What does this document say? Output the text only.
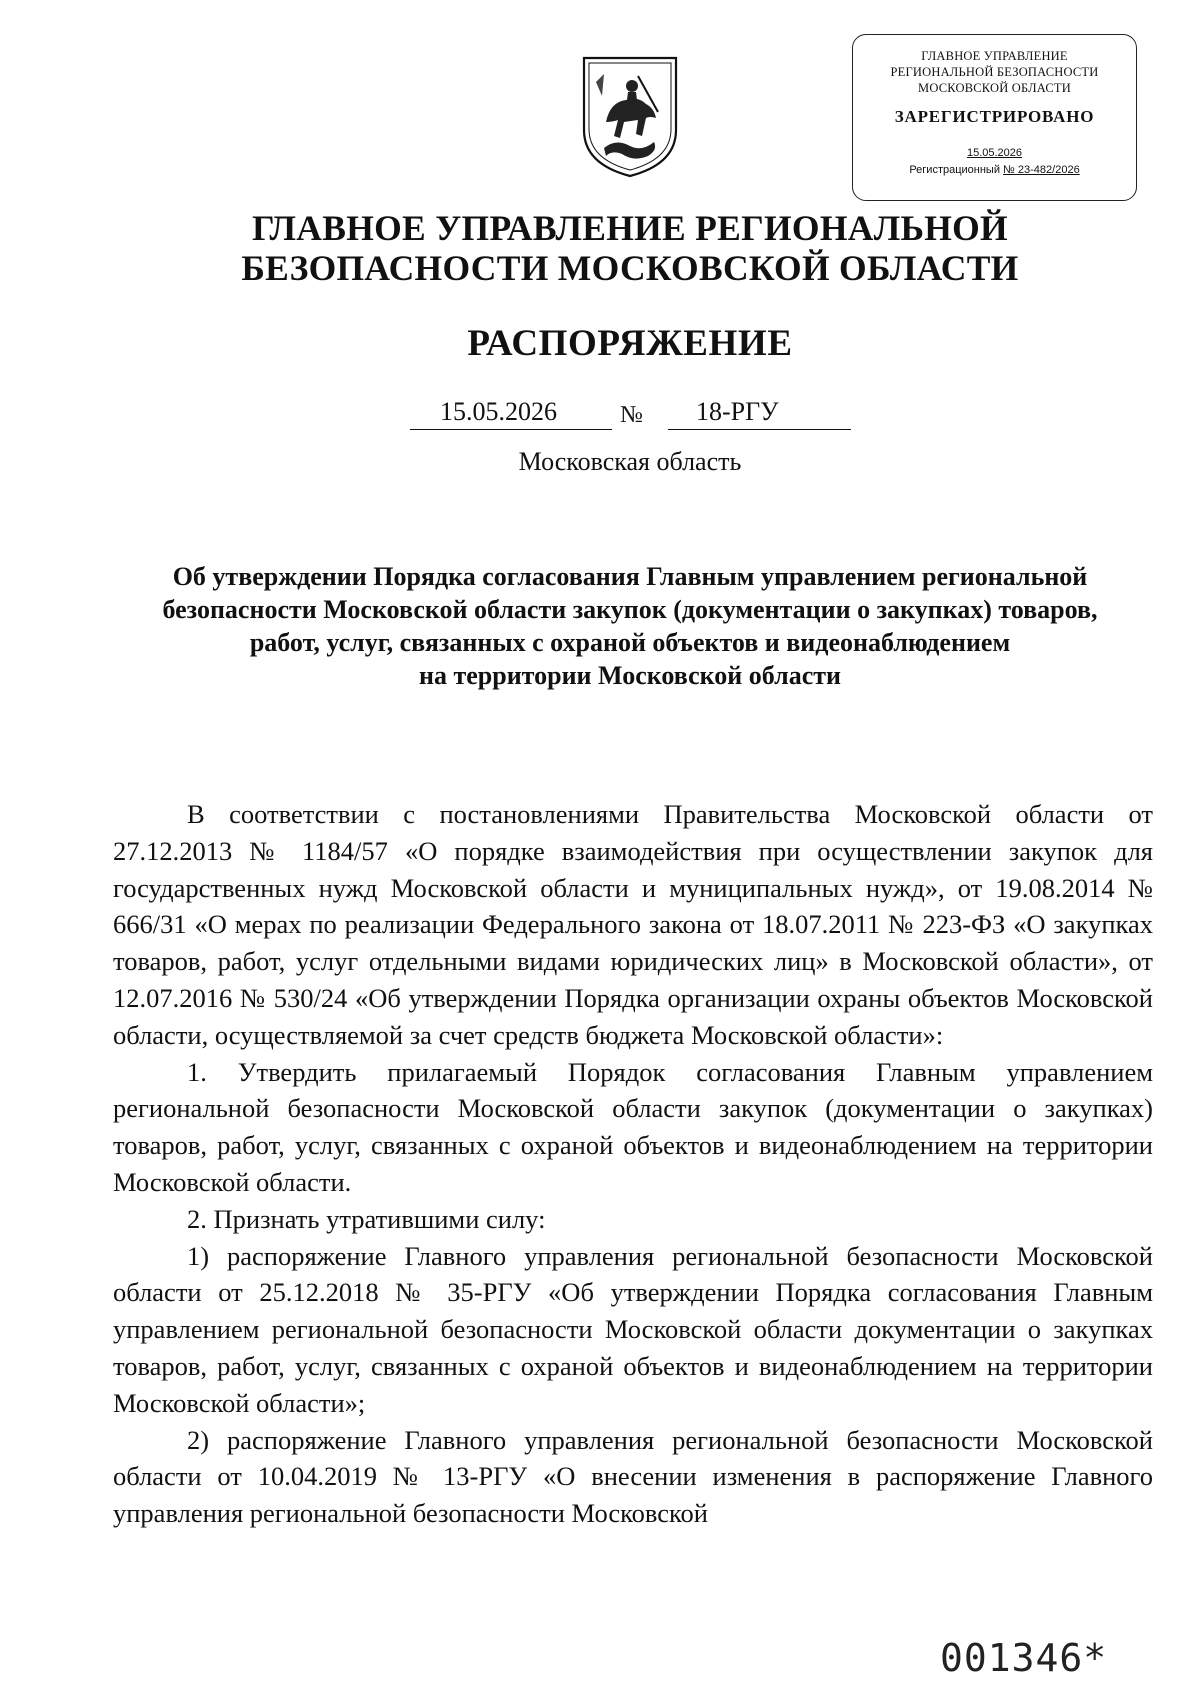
ГЛАВНОЕ УПРАВЛЕНИЕ
РЕГИОНАЛЬНОЙ БЕЗОПАСНОСТИ
МОСКОВСКОЙ ОБЛАСТИ
ЗАРЕГИСТРИРОВАНО
15.05.2026
Регистрационный № 23-482/2026
ГЛАВНОЕ УПРАВЛЕНИЕ РЕГИОНАЛЬНОЙ
БЕЗОПАСНОСТИ МОСКОВСКОЙ ОБЛАСТИ
РАСПОРЯЖЕНИЕ
15.05.2026	№	18-РГУ
Московская область
Об утверждении Порядка согласования Главным управлением региональной
безопасности Московской области закупок (документации о закупках) товаров,
работ, услуг, связанных с охраной объектов и видеонаблюдением
на территории Московской области

В соответствии с постановлениями Правительства Московской области от 27.12.2013 № 1184/57 «О порядке взаимодействия при осуществлении закупок для государственных нужд Московской области и муниципальных нужд», от 19.08.2014 № 666/31 «О мерах по реализации Федерального закона от 18.07.2011 № 223-ФЗ «О закупках товаров, работ, услуг отдельными видами юридических лиц» в Московской области», от 12.07.2016 № 530/24 «Об утверждении Порядка организации охраны объектов Московской области, осуществляемой за счет средств бюджета Московской области»:

1. Утвердить прилагаемый Порядок согласования Главным управлением региональной безопасности Московской области закупок (документации о закупках) товаров, работ, услуг, связанных с охраной объектов и видеонаблюдением на территории Московской области.

2. Признать утратившими силу:

1) распоряжение Главного управления региональной безопасности Московской области от 25.12.2018 № 35-РГУ «Об утверждении Порядка согласования Главным управлением региональной безопасности Московской области документации о закупках товаров, работ, услуг, связанных с охраной объектов и видеонаблюдением на территории Московской области»;

2) распоряжение Главного управления региональной безопасности Московской области от 10.04.2019 № 13-РГУ «О внесении изменения в распоряжение Главного управления региональной безопасности Московской

001346*
